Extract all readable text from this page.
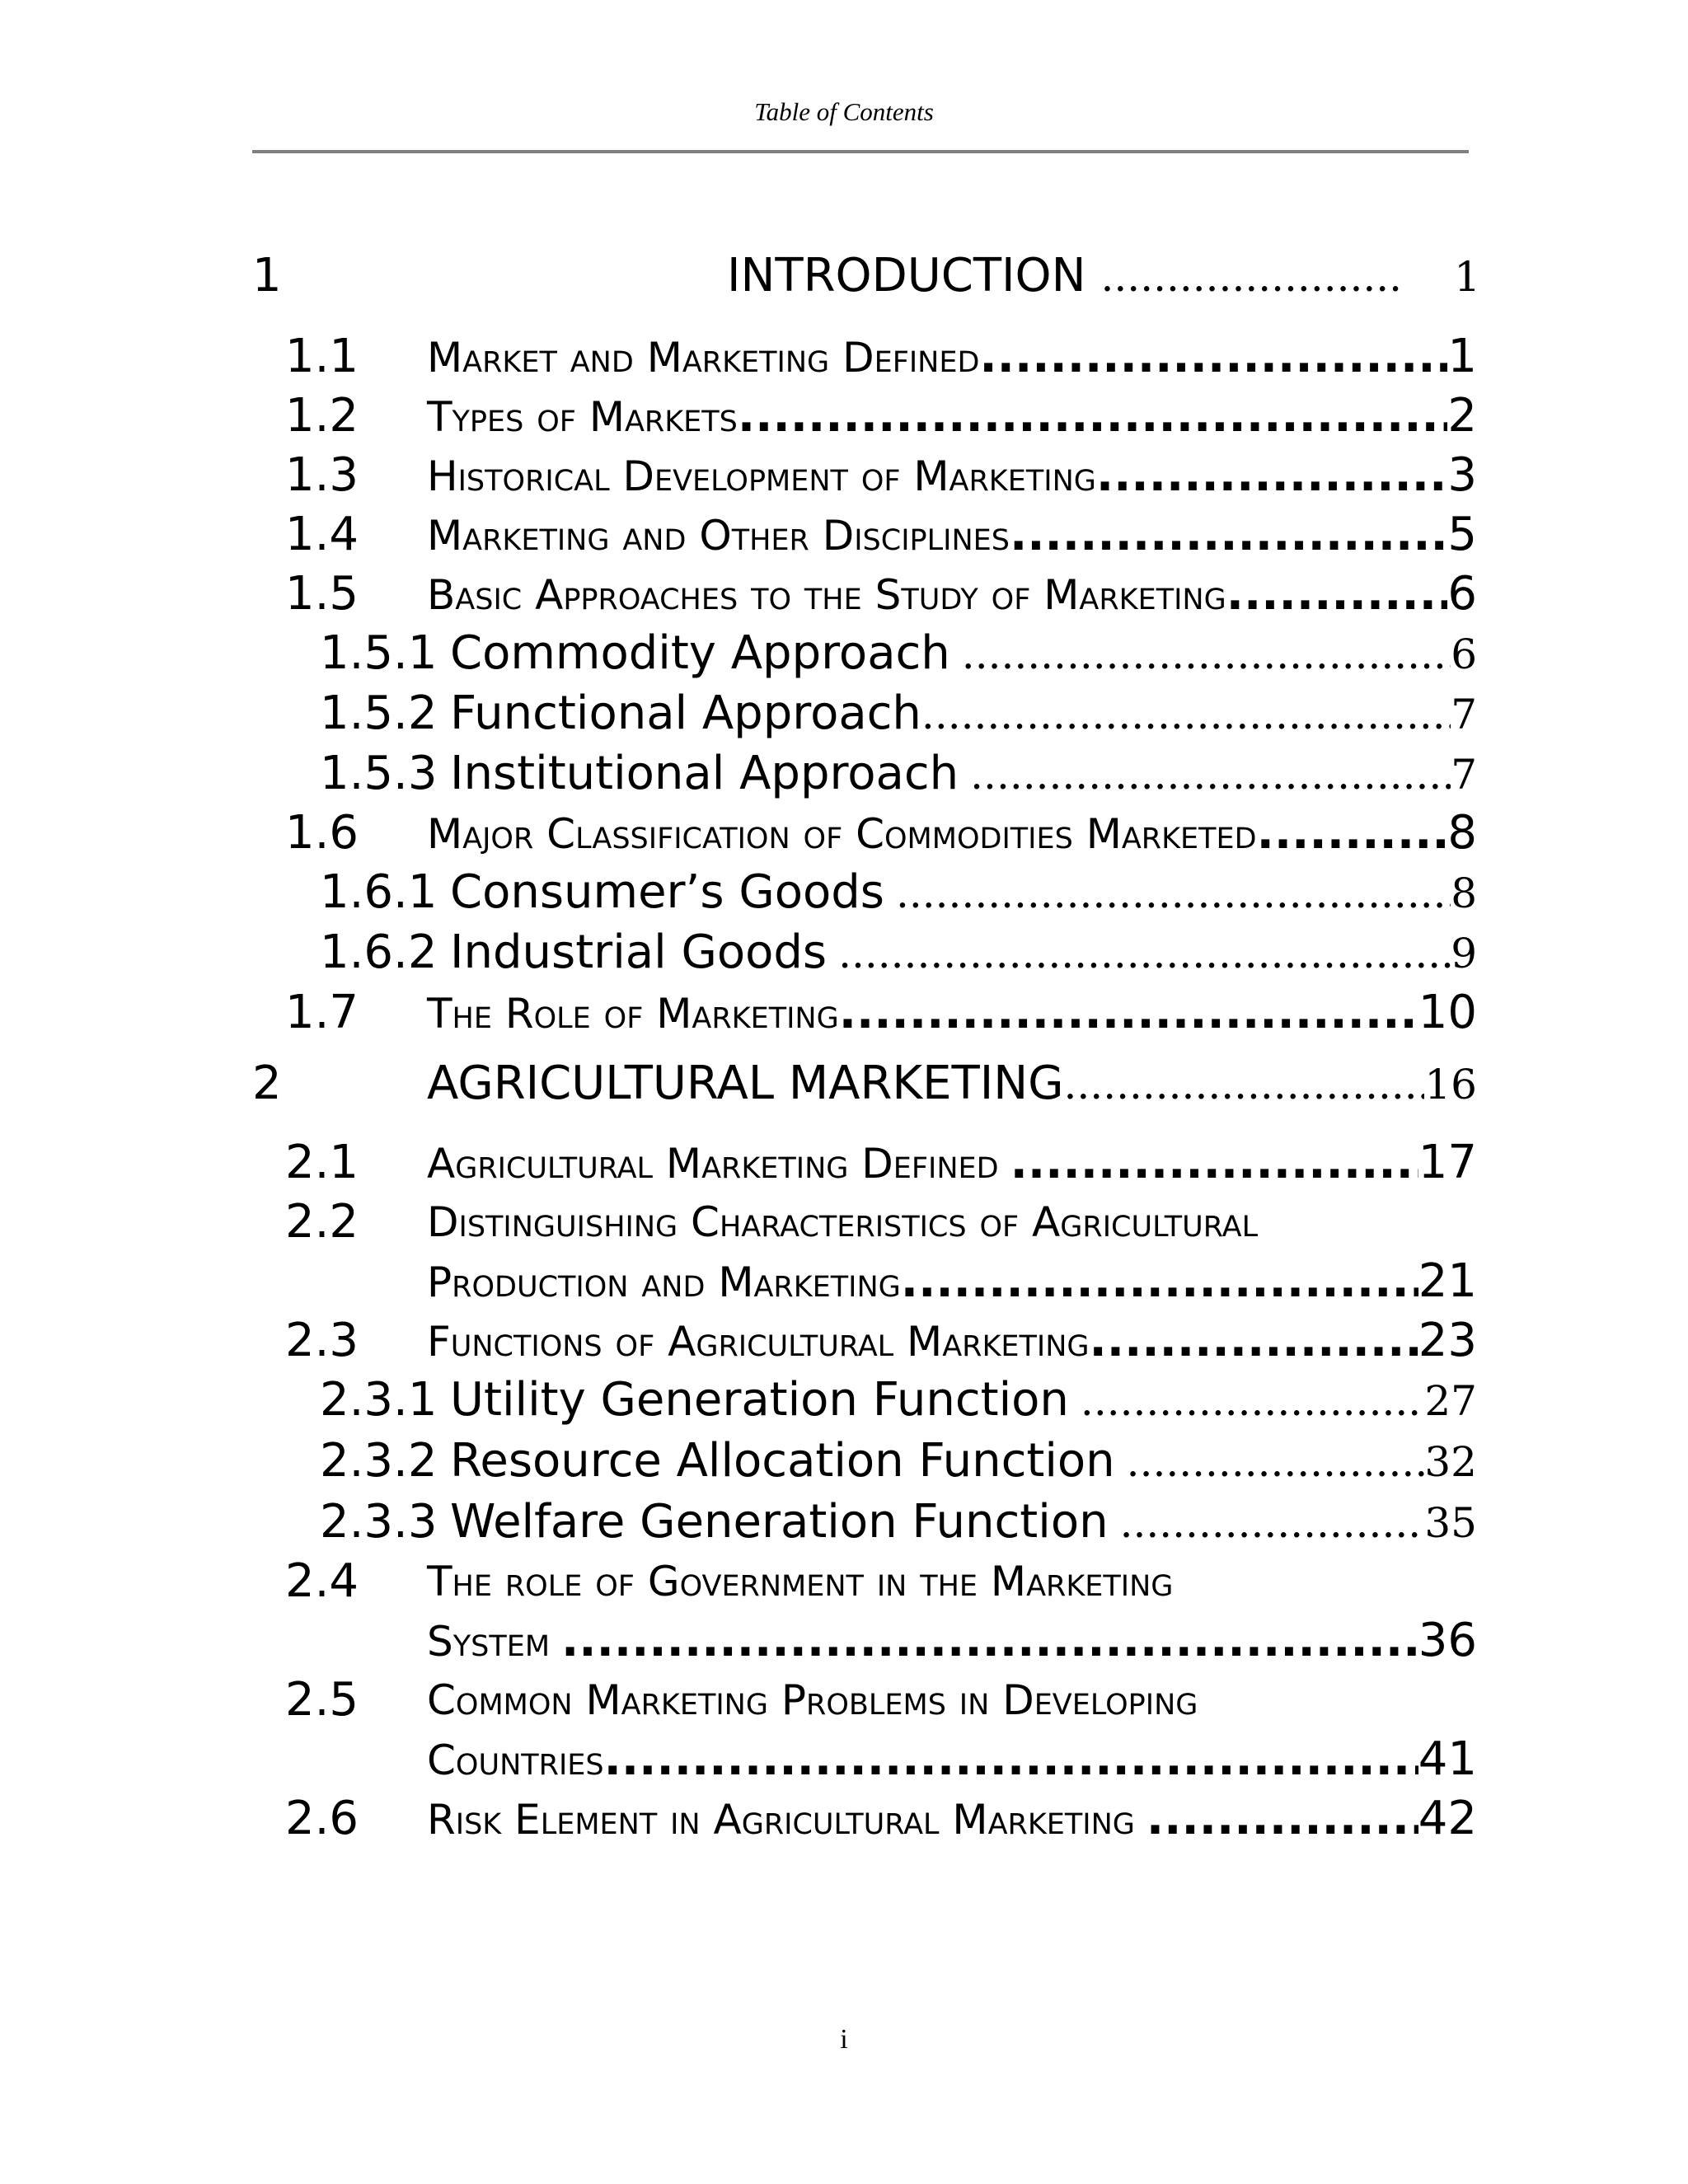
Table of Contents
1	INTRODUCTION .....	1
1.1 Market and Marketing Defined .....	1
1.2 Types of Markets .....	2
1.3 Historical Development of Marketing .....	3
1.4 Marketing and Other Disciplines .....	5
1.5 Basic Approaches to the Study of Marketing .....	6
1.5.1 Commodity Approach .....	6
1.5.2 Functional Approach .....	7
1.5.3 Institutional Approach .....	7
1.6 Major Classification of Commodities Marketed .....	8
1.6.1 Consumer’s Goods .....	8
1.6.2 Industrial Goods .....	9
1.7 The Role of Marketing .....	10
2	AGRICULTURAL MARKETING .....	16
2.1 Agricultural Marketing Defined .....	17
2.2 Distinguishing Characteristics of Agricultural
Production and Marketing .....	21
2.3 Functions of Agricultural Marketing .....	23
2.3.1 Utility Generation Function .....	27
2.3.2 Resource Allocation Function .....	32
2.3.3 Welfare Generation Function .....	35
2.4 The role of Government in the Marketing
System .....	36
2.5 Common Marketing Problems in Developing
Countries .....	41
2.6 Risk Element in Agricultural Marketing .....	42
i
